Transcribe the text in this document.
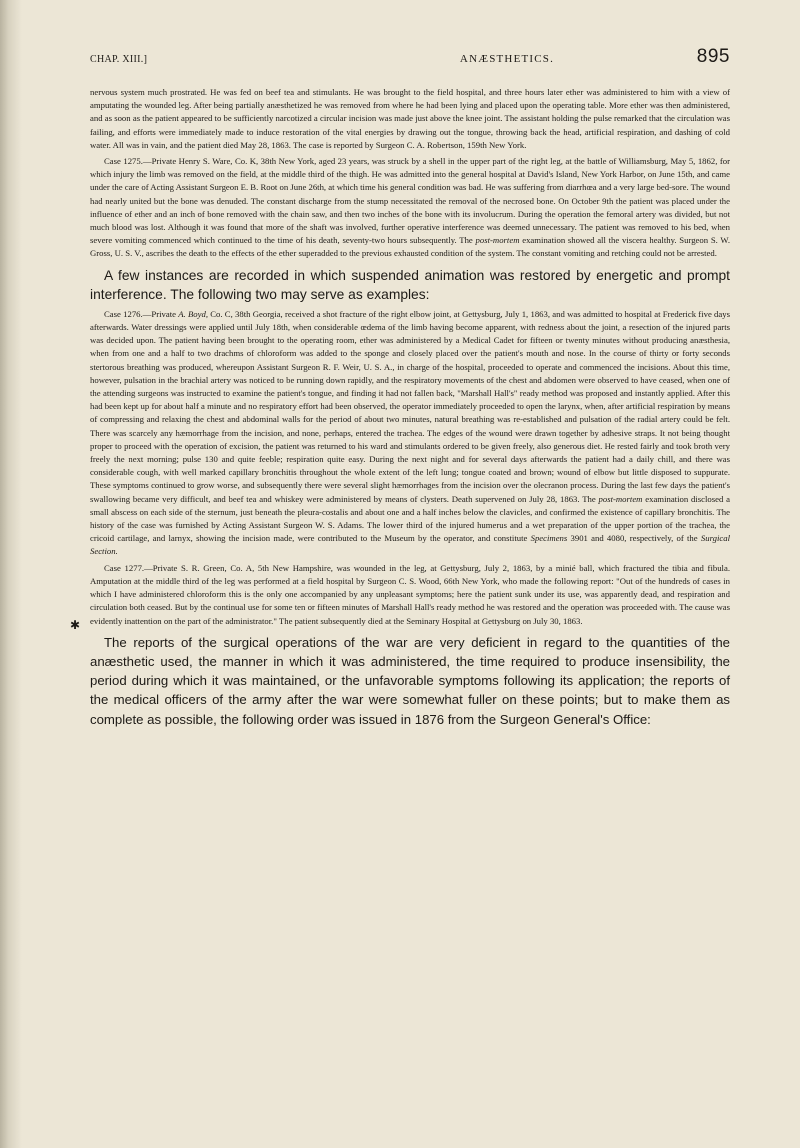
✱
CHAP. XIII.]	ANÆSTHETICS.	895

nervous system much prostrated. He was fed on beef tea and stimulants. He was brought to the field hospital, and three hours later ether was administered to him with a view of amputating the wounded leg. After being partially anæsthetized he was removed from where he had been lying and placed upon the operating table. More ether was then administered, and as soon as the patient appeared to be sufficiently narcotized a circular incision was made just above the knee joint. The assistant holding the pulse remarked that the circulation was failing, and efforts were immediately made to induce restoration of the vital energies by drawing out the tongue, throwing back the head, artificial respiration, and dashing of cold water. All was in vain, and the patient died May 28, 1863. The case is reported by Surgeon C. A. Robertson, 159th New York.

Case 1275.—Private Henry S. Ware, Co. K, 38th New York, aged 23 years, was struck by a shell in the upper part of the right leg, at the battle of Williamsburg, May 5, 1862, for which injury the limb was removed on the field, at the middle third of the thigh. He was admitted into the general hospital at David's Island, New York Harbor, on June 15th, and came under the care of Acting Assistant Surgeon E. B. Root on June 26th, at which time his general condition was bad. He was suffering from diarrhœa and a very large bed-sore. The wound had nearly united but the bone was denuded. The constant discharge from the stump necessitated the removal of the necrosed bone. On October 9th the patient was placed under the influence of ether and an inch of bone removed with the chain saw, and then two inches of the bone with its involucrum. During the operation the femoral artery was divided, but not much blood was lost. Although it was found that more of the shaft was involved, further operative interference was deemed unnecessary. The patient was removed to his bed, when severe vomiting commenced which continued to the time of his death, seventy-two hours subsequently. The post-mortem examination showed all the viscera healthy. Surgeon S. W. Gross, U. S. V., ascribes the death to the effects of the ether superadded to the previous exhausted condition of the system. The constant vomiting and retching could not be arrested.

A few instances are recorded in which suspended animation was restored by energetic and prompt interference. The following two may serve as examples:

Case 1276.—Private A. Boyd, Co. C, 38th Georgia, received a shot fracture of the right elbow joint, at Gettysburg, July 1, 1863, and was admitted to hospital at Frederick five days afterwards. Water dressings were applied until July 18th, when considerable œdema of the limb having become apparent, with redness about the joint, a resection of the injured parts was decided upon. The patient having been brought to the operating room, ether was administered by a Medical Cadet for fifteen or twenty minutes without producing anæsthesia, when from one and a half to two drachms of chloroform was added to the sponge and closely placed over the patient's mouth and nose. In the course of thirty or forty seconds stertorous breathing was produced, whereupon Assistant Surgeon R. F. Weir, U. S. A., in charge of the hospital, proceeded to operate and commenced the incisions. About this time, however, pulsation in the brachial artery was noticed to be running down rapidly, and the respiratory movements of the chest and abdomen were observed to have ceased, when one of the attending surgeons was instructed to examine the patient's tongue, and finding it had not fallen back, "Marshall Hall's" ready method was proposed and instantly applied. After this had been kept up for about half a minute and no respiratory effort had been observed, the operator immediately proceeded to open the larynx, when, after artificial respiration by means of compressing and relaxing the chest and abdominal walls for the period of about two minutes, natural breathing was re-established and pulsation of the radial artery could be felt. There was scarcely any hæmorrhage from the incision, and none, perhaps, entered the trachea. The edges of the wound were drawn together by adhesive straps. It not being thought proper to proceed with the operation of excision, the patient was returned to his ward and stimulants ordered to be given freely, also generous diet. He rested fairly and took broth very freely the next morning; pulse 130 and quite feeble; respiration quite easy. During the next night and for several days afterwards the patient had a daily chill, and there was considerable cough, with well marked capillary bronchitis throughout the whole extent of the left lung; tongue coated and brown; wound of elbow but little disposed to suppurate. These symptoms continued to grow worse, and subsequently there were several slight hæmorrhages from the incision over the olecranon process. During the last few days the patient's swallowing became very difficult, and beef tea and whiskey were administered by means of clysters. Death supervened on July 28, 1863. The post-mortem examination disclosed a small abscess on each side of the sternum, just beneath the pleura-costalis and about one and a half inches below the clavicles, and confirmed the existence of capillary bronchitis. The history of the case was furnished by Acting Assistant Surgeon W. S. Adams. The lower third of the injured humerus and a wet preparation of the upper portion of the trachea, the cricoid cartilage, and larnyx, showing the incision made, were contributed to the Museum by the operator, and constitute Specimens 3901 and 4080, respectively, of the Surgical Section.

Case 1277.—Private S. R. Green, Co. A, 5th New Hampshire, was wounded in the leg, at Gettysburg, July 2, 1863, by a minié ball, which fractured the tibia and fibula. Amputation at the middle third of the leg was performed at a field hospital by Surgeon C. S. Wood, 66th New York, who made the following report: "Out of the hundreds of cases in which I have administered chloroform this is the only one accompanied by any unpleasant symptoms; here the patient sunk under its use, was apparently dead, and respiration and circulation both ceased. But by the continual use for some ten or fifteen minutes of Marshall Hall's ready method he was restored and the operation was proceeded with. The cause was evidently inattention on the part of the administrator." The patient subsequently died at the Seminary Hospital at Gettysburg on July 30, 1863.

The reports of the surgical operations of the war are very deficient in regard to the quantities of the anæsthetic used, the manner in which it was administered, the time required to produce insensibility, the period during which it was maintained, or the unfavorable symptoms following its application; the reports of the medical officers of the army after the war were somewhat fuller on these points; but to make them as complete as possible, the following order was issued in 1876 from the Surgeon General's Office:
